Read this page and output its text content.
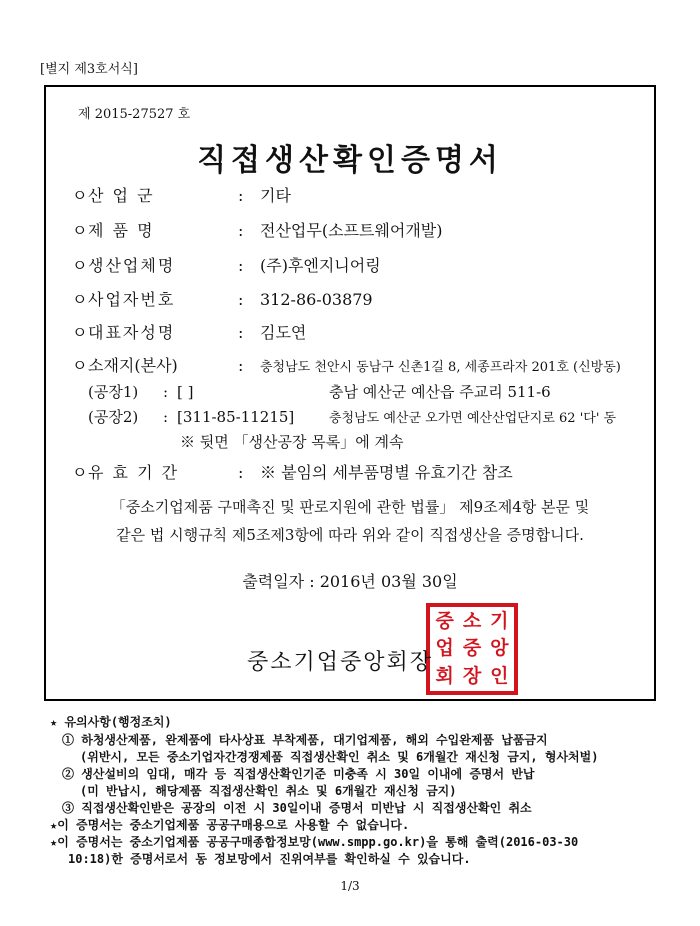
[별지 제3호서식]
제 2015-27527 호
직접생산확인증명서
ㅇ산 업 군	: 기타
ㅇ제 품 명	: 전산업무(소프트웨어개발)
ㅇ생산업체명	: (주)후엔지니어링
ㅇ사업자번호	: 312-86-03879
ㅇ대표자성명	: 김도연
ㅇ소재지(본사)	: 충청남도 천안시 동남구 신촌1길 8, 세종프라자 201호 (신방동)
(공장1) : [ ]	충남 예산군 예산읍 주교리 511-6
(공장2) : [311-85-11215]	충청남도 예산군 오가면 예산산업단지로 62 '다' 동
※ 뒷면 「생산공장 목록」에 계속
ㅇ유 효 기 간	: ※ 붙임의 세부품명별 유효기간 참조
「중소기업제품 구매촉진 및 판로지원에 관한 법률」 제9조제4항 본문 및
같은 법 시행규칙 제5조제3항에 따라 위와 같이 직접생산을 증명합니다.
출력일자 : 2016년 03월 30일
중 소 기
업 중 앙
회 장 인
중소기업중앙회장
★ 유의사항(행정조치)
① 하청생산제품, 완제품에 타사상표 부착제품, 대기업제품, 해외 수입완제품 납품금지
(위반시, 모든 중소기업자간경쟁제품 직접생산확인 취소 및 6개월간 재신청 금지, 형사처벌)
② 생산설비의 임대, 매각 등 직접생산확인기준 미충족 시 30일 이내에 증명서 반납
(미 반납시, 해당제품 직접생산확인 취소 및 6개월간 재신청 금지)
③ 직접생산확인받은 공장의 이전 시 30일이내 증명서 미반납 시 직접생산확인 취소
★이 증명서는 중소기업제품 공공구매용으로 사용할 수 없습니다.
★이 증명서는 중소기업제품 공공구매종합정보망(www.smpp.go.kr)을 통해 출력(2016-03-30
10:18)한 증명서로서 동 정보망에서 진위여부를 확인하실 수 있습니다.
1/3
